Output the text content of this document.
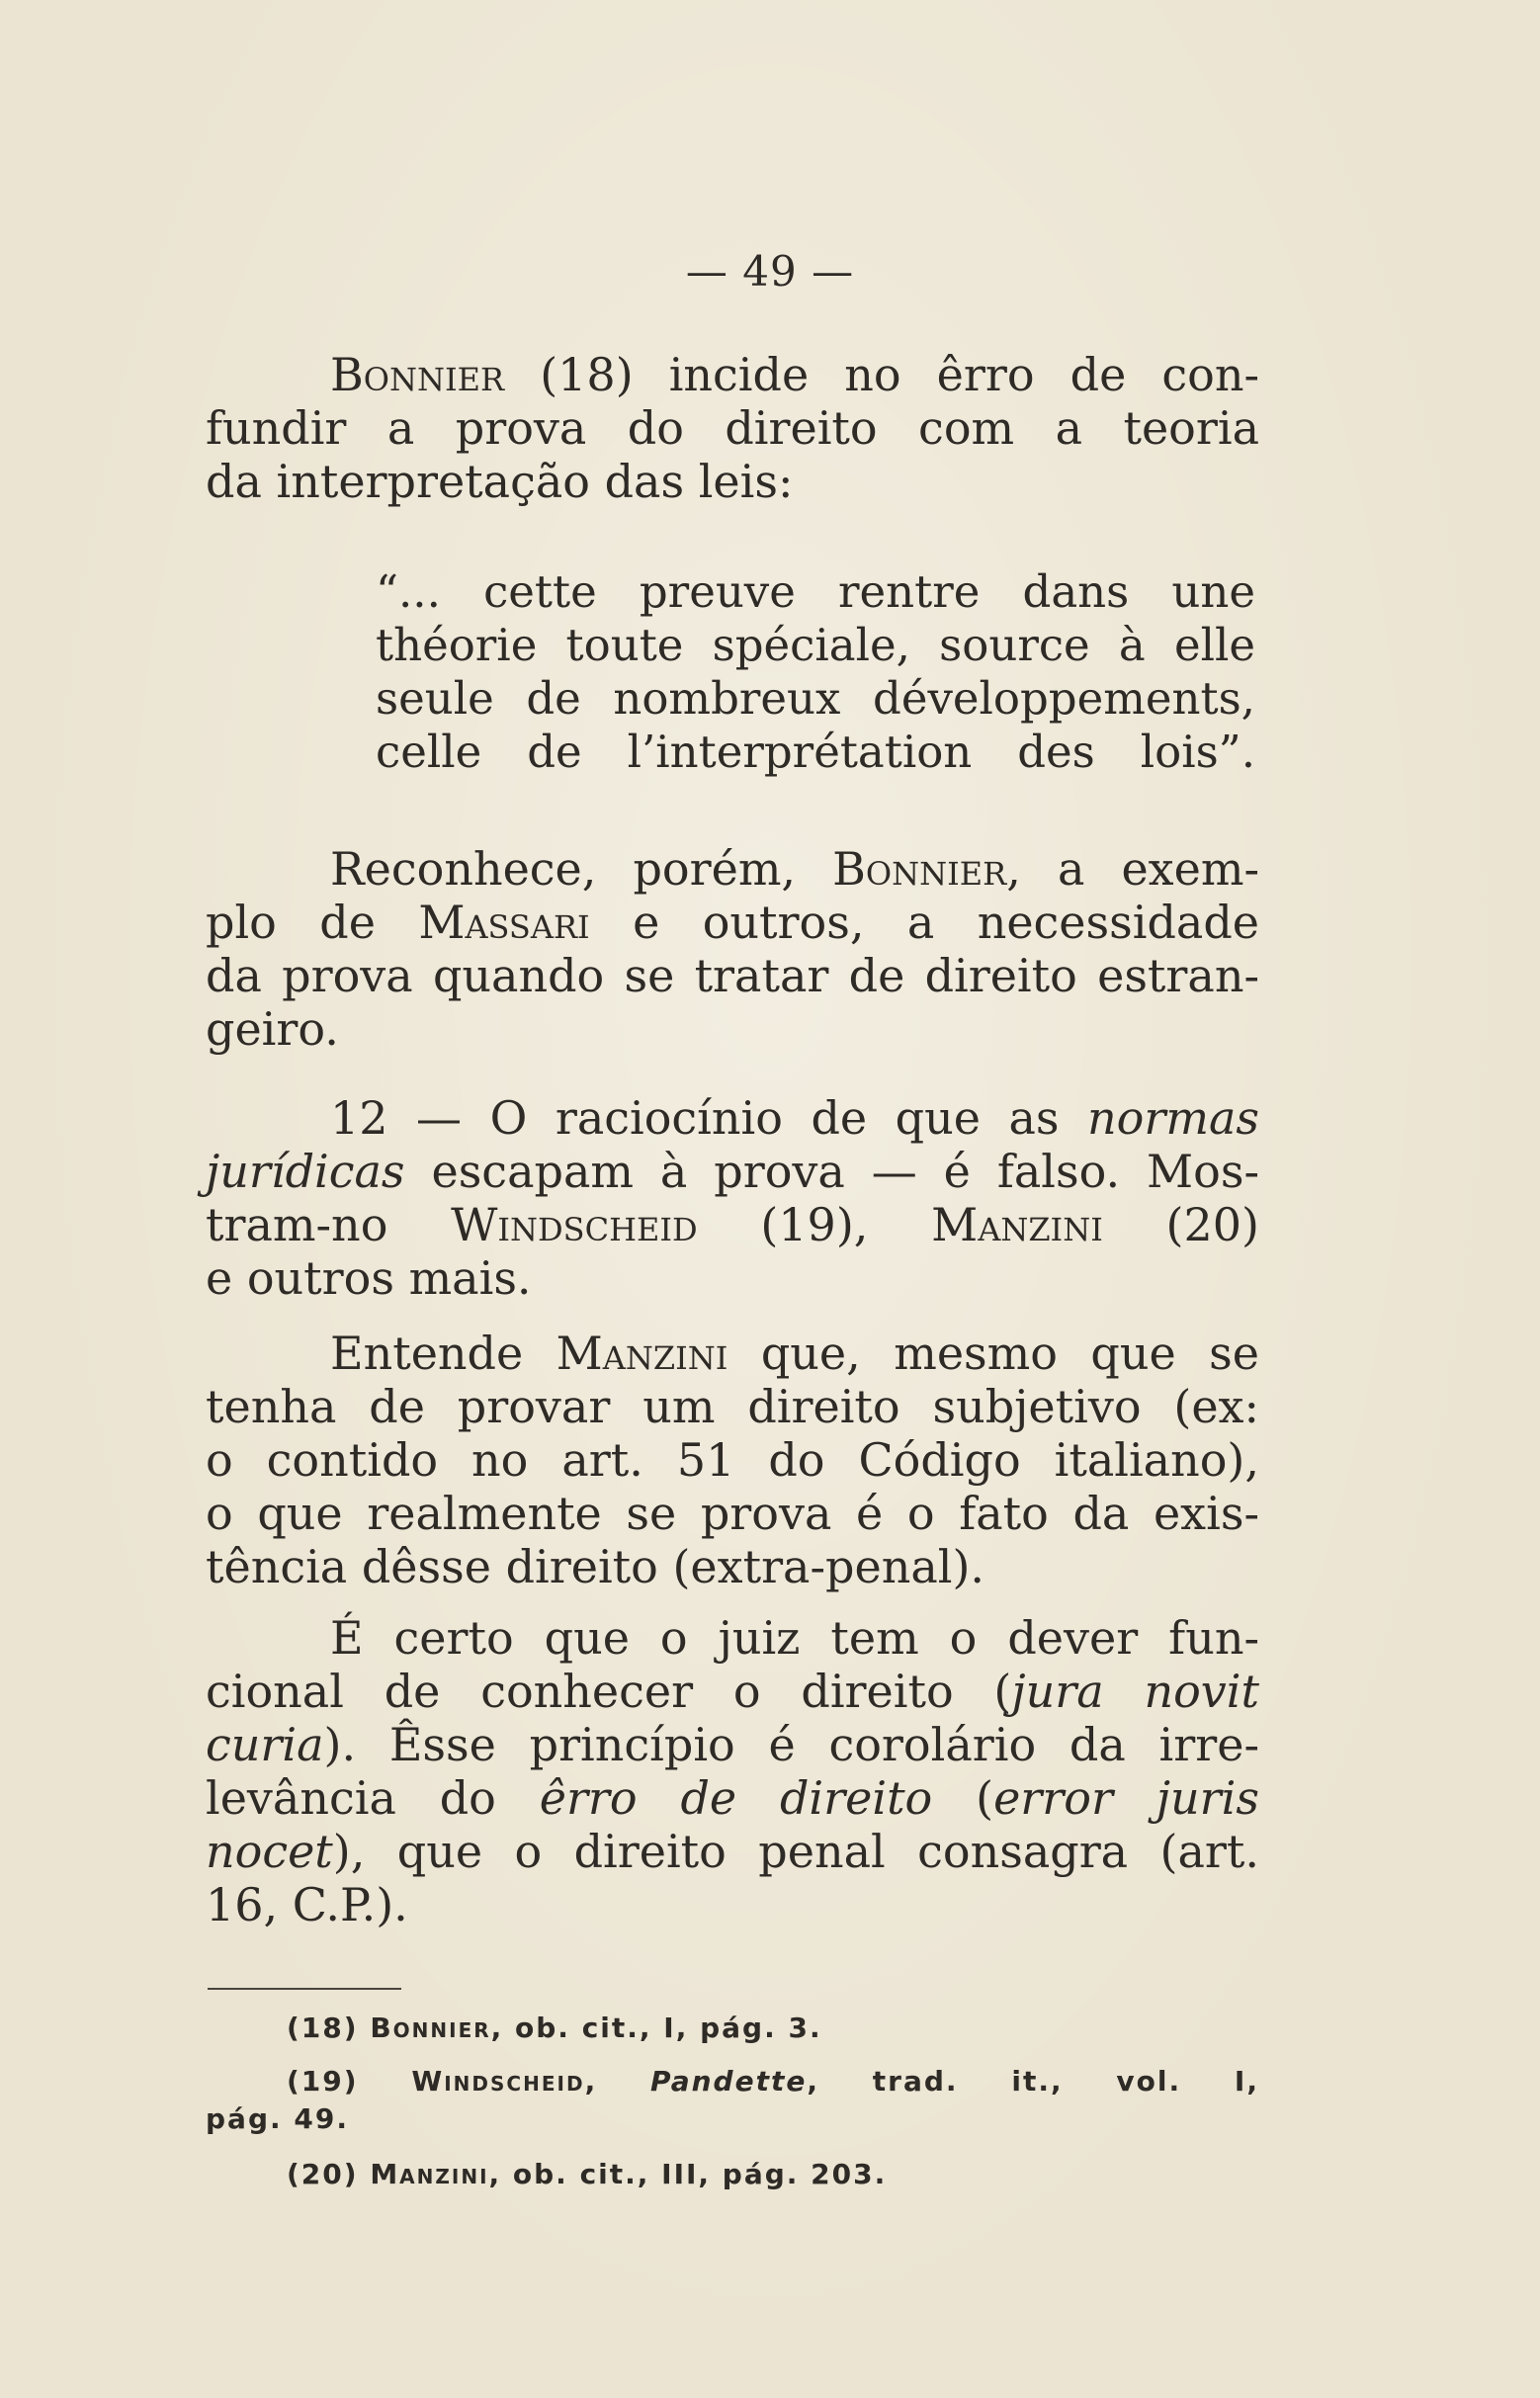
— 49 —
Bonnier (18) incide no êrro de con-
fundir a prova do direito com a teoria
da interpretação das leis:
“... cette preuve rentre dans une
théorie toute spéciale, source à elle
seule de nombreux développements,
celle de l’interprétation des lois”.
Reconhece, porém, Bonnier, a exem-
plo de Massari e outros, a necessidade
da prova quando se tratar de direito estran-
geiro.
12 — O raciocínio de que as normas
jurídicas escapam à prova — é falso. Mos-
tram-no Windscheid (19), Manzini (20)
e outros mais.
Entende Manzini que, mesmo que se
tenha de provar um direito subjetivo (ex:
o contido no art. 51 do Código italiano),
o que realmente se prova é o fato da exis-
tência dêsse direito (extra-penal).
É certo que o juiz tem o dever fun-
cional de conhecer o direito (jura novit
curia). Êsse princípio é corolário da irre-
levância do êrro de direito (error juris
nocet), que o direito penal consagra (art.
16, C.P.).
(18) Bonnier, ob. cit., I, pág. 3.
(19) Windscheid, Pandette, trad. it., vol. I,
pág. 49.
(20) Manzini, ob. cit., III, pág. 203.
